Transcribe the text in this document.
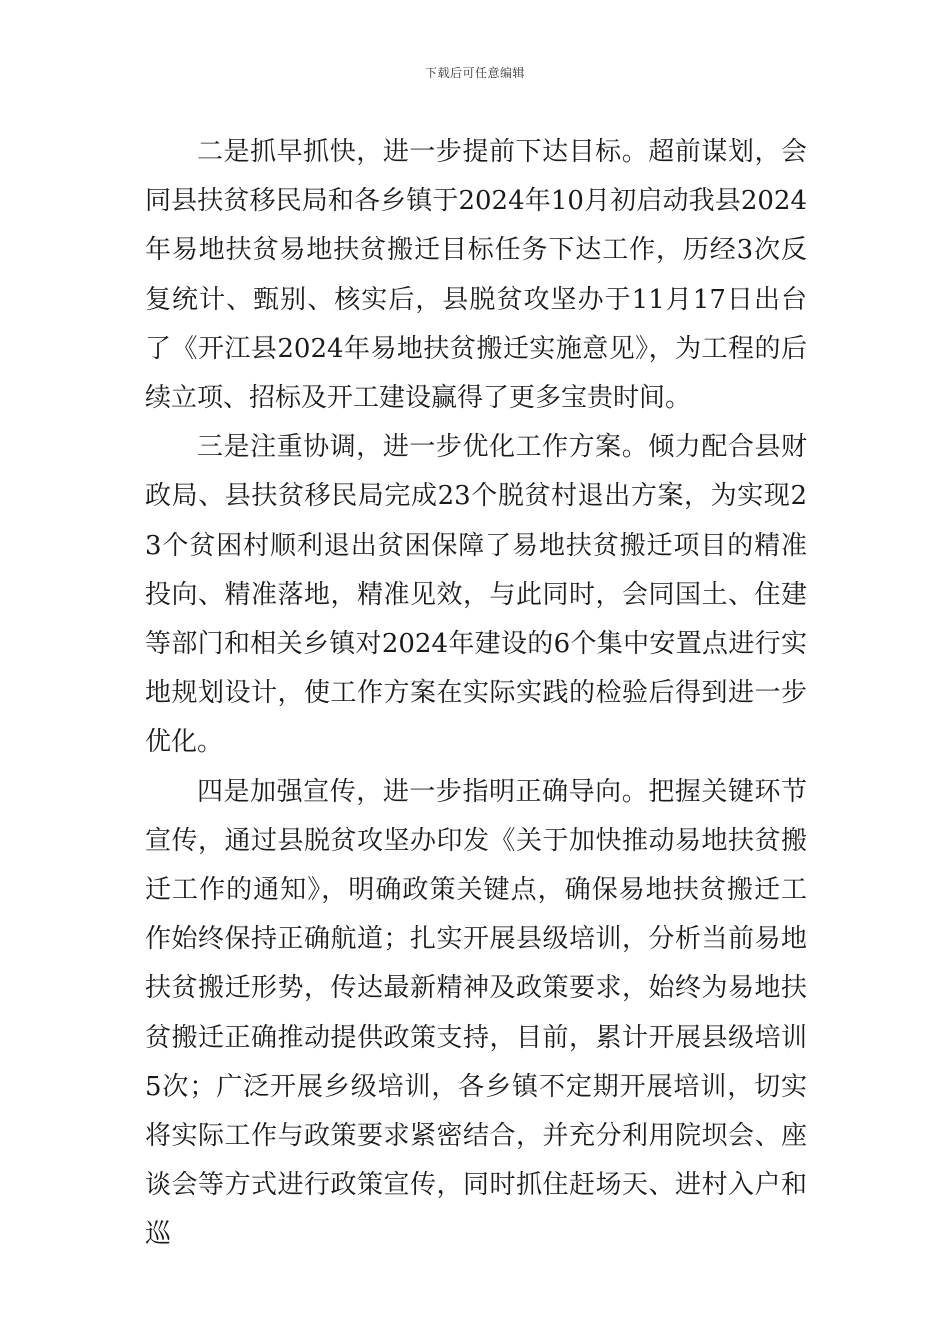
下载后可任意编辑

二是抓早抓快，进一步提前下达目标。超前谋划，会同县扶贫移民局和各乡镇于2024年10月初启动我县2024年易地扶贫易地扶贫搬迁目标任务下达工作，历经3次反复统计、甄别、核实后，县脱贫攻坚办于11月17日出台了《开江县2024年易地扶贫搬迁实施意见》，为工程的后续立项、招标及开工建设赢得了更多宝贵时间。

三是注重协调，进一步优化工作方案。倾力配合县财政局、县扶贫移民局完成23个脱贫村退出方案，为实现23个贫困村顺利退出贫困保障了易地扶贫搬迁项目的精准投向、精准落地，精准见效，与此同时，会同国土、住建等部门和相关乡镇对2024年建设的6个集中安置点进行实地规划设计，使工作方案在实际实践的检验后得到进一步优化。

四是加强宣传，进一步指明正确导向。把握关键环节宣传，通过县脱贫攻坚办印发《关于加快推动易地扶贫搬迁工作的通知》，明确政策关键点，确保易地扶贫搬迁工作始终保持正确航道；扎实开展县级培训，分析当前易地扶贫搬迁形势，传达最新精神及政策要求，始终为易地扶贫搬迁正确推动提供政策支持，目前，累计开展县级培训5次；广泛开展乡级培训，各乡镇不定期开展培训，切实将实际工作与政策要求紧密结合，并充分利用院坝会、座谈会等方式进行政策宣传，同时抓住赶场天、进村入户和巡
